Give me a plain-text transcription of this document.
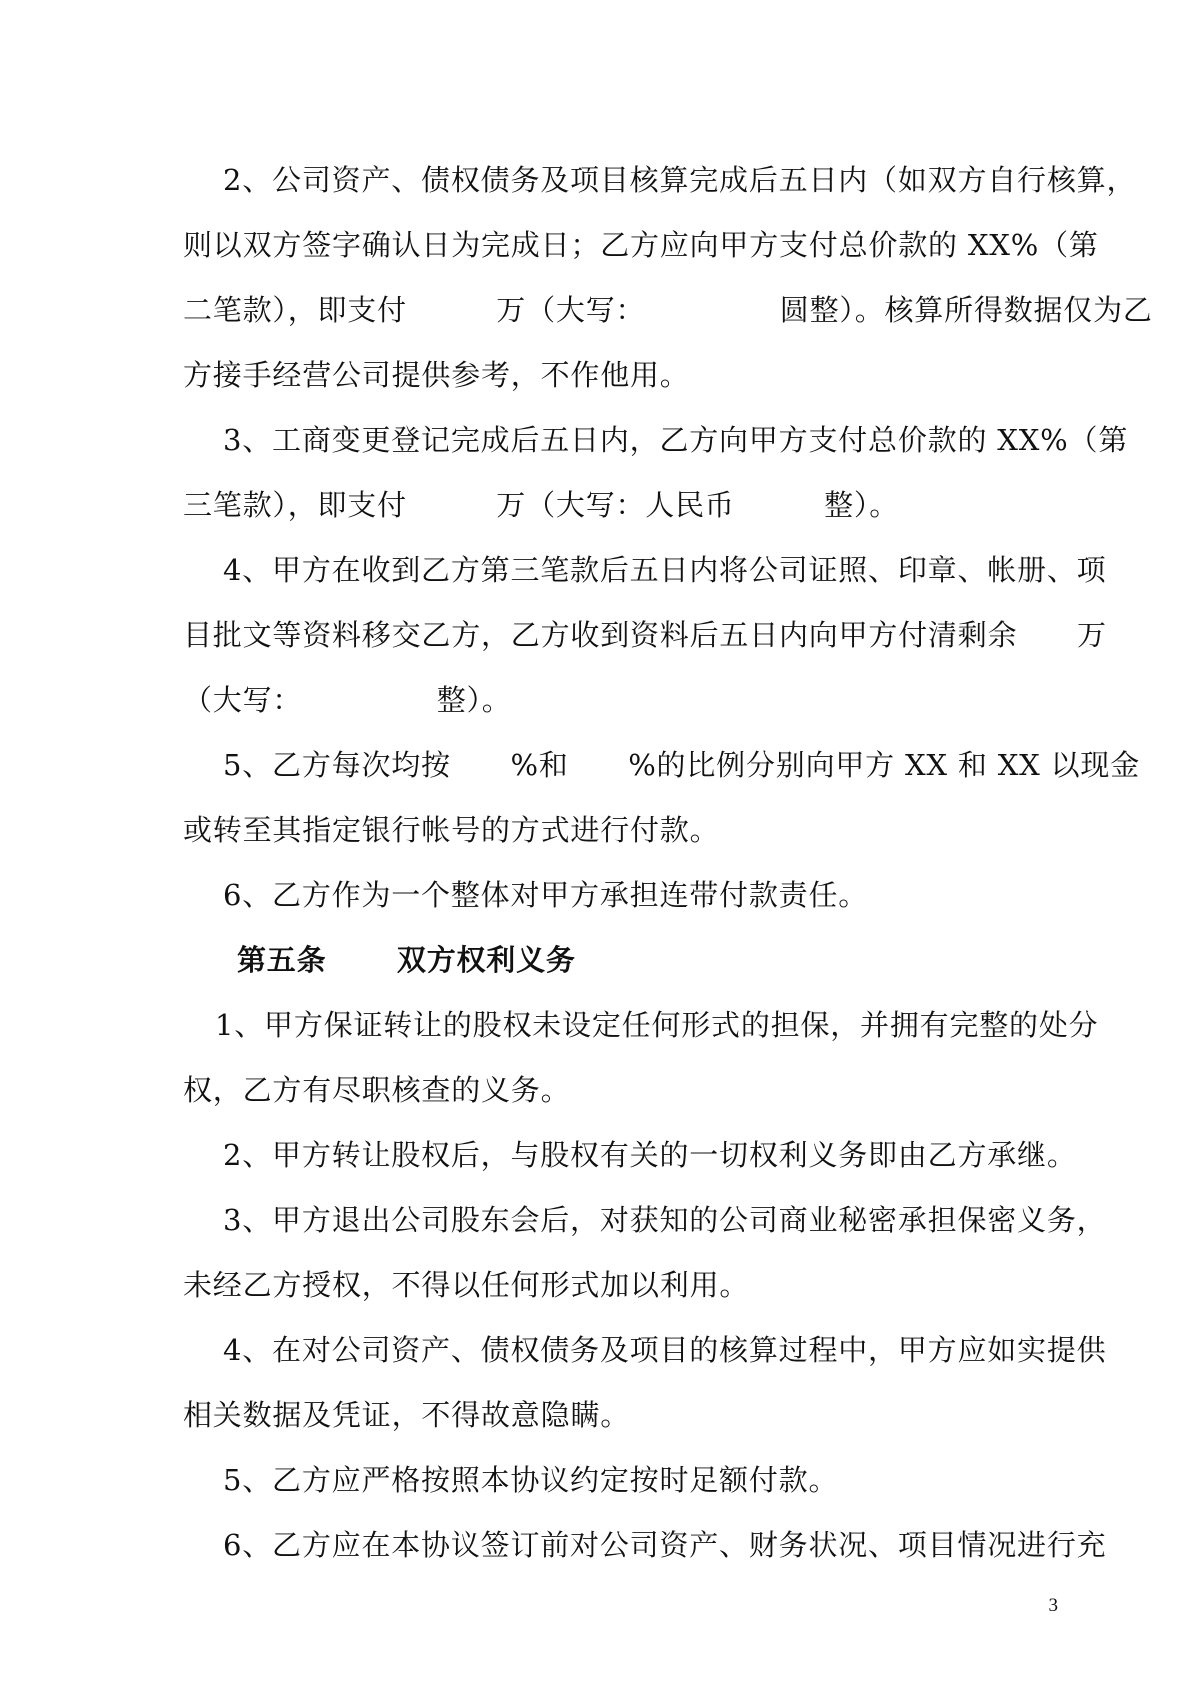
2、公司资产、债权债务及项目核算完成后五日内（如双方自行核算，
则以双方签字确认日为完成日；乙方应向甲方支付总价款的 XX%（第
二笔款），即支付　　　万（大写：　　　　　圆整）。核算所得数据仅为乙
方接手经营公司提供参考，不作他用。
3、工商变更登记完成后五日内，乙方向甲方支付总价款的 XX%（第
三笔款），即支付　　　万（大写：人民币　　　整）。
4、甲方在收到乙方第三笔款后五日内将公司证照、印章、帐册、项
目批文等资料移交乙方，乙方收到资料后五日内向甲方付清剩余　　万
（大写：　　　　　整）。
5、乙方每次均按　　%和　　%的比例分别向甲方 XX 和 XX 以现金
或转至其指定银行帐号的方式进行付款。
6、乙方作为一个整体对甲方承担连带付款责任。
第五条　　 双方权利义务
1、甲方保证转让的股权未设定任何形式的担保，并拥有完整的处分
权，乙方有尽职核查的义务。
2、甲方转让股权后，与股权有关的一切权利义务即由乙方承继。
3、甲方退出公司股东会后，对获知的公司商业秘密承担保密义务，
未经乙方授权，不得以任何形式加以利用。
4、在对公司资产、债权债务及项目的核算过程中，甲方应如实提供
相关数据及凭证，不得故意隐瞒。
5、乙方应严格按照本协议约定按时足额付款。
6、乙方应在本协议签订前对公司资产、财务状况、项目情况进行充
3
